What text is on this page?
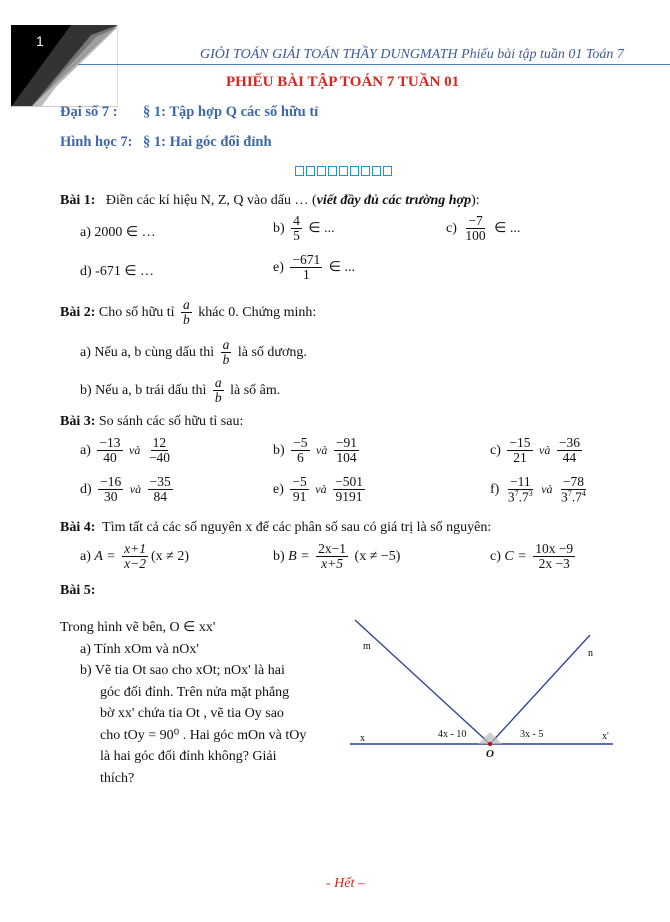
1
GIỎI TOÁN GIẢI TOÁN THẦY DUNGMATH Phiếu bài tập tuần 01 Toán 7
PHIẾU BÀI TẬP TOÁN 7 TUẦN 01
Đại số 7 : § 1: Tập hợp Q các số hữu tỉ
Hình học 7: § 1: Hai góc đối đỉnh
Bài 1: Điền các kí hiệu N, Z, Q vào dấu … (viết đầy đủ các trường hợp):
a) 2000 ∈ …	$b) \frac{4}{5}$ ∈ ...	$c) \frac{-7}{100}$ ∈ ...
d) -671 ∈ …	$e) \frac{-671}{1}$ ∈ ...
Bài 2: Cho số hữu tỉ $\frac{a}{b}$ khác 0. Chứng minh:
a) Nếu a, b cùng dấu thì $\frac{a}{b}$ là số dương.
b) Nếu a, b trái dấu thì $\frac{a}{b}$ là số âm.
Bài 3: So sánh các số hữu tỉ sau:
$a) \frac{-13}{40}$ và $\frac{12}{-40}$	$b) \frac{-5}{6}$ và $\frac{-91}{104}$	$c) \frac{-15}{21}$ và $\frac{-36}{44}$
$d) \frac{-16}{30}$ và $\frac{-35}{84}$	$e) \frac{-5}{91}$ và $\frac{-501}{9191}$	$f) \frac{-11}{3^7.7^3}$ và $\frac{-78}{3^7.7^4}$
Bài 4: Tìm tất cả các số nguyên x để các phân số sau có giá trị là số nguyên:
a) $A = \frac{x+1}{x-2} (x \ne 2)$	b) $B = \frac{2x-1}{x+5} (x \ne -5)$	c) $C = \frac{10x -9}{2x -3}$
Bài 5:
Trong hình vẽ bên, O ∈ xx'
a) Tính xOm và nOx'
b) Vẽ tia Ot sao cho xOt; nOx' là hai
góc đối đỉnh. Trên nửa mặt phẳng
bờ xx' chứa tia Ot , vẽ tia Oy sao
cho tOy = 90⁰ . Hai góc mOn và tOy
là hai góc đối đỉnh không? Giải
thích?
m
n
x	x'
4x - 10	3x - 5
O
- Hết –
